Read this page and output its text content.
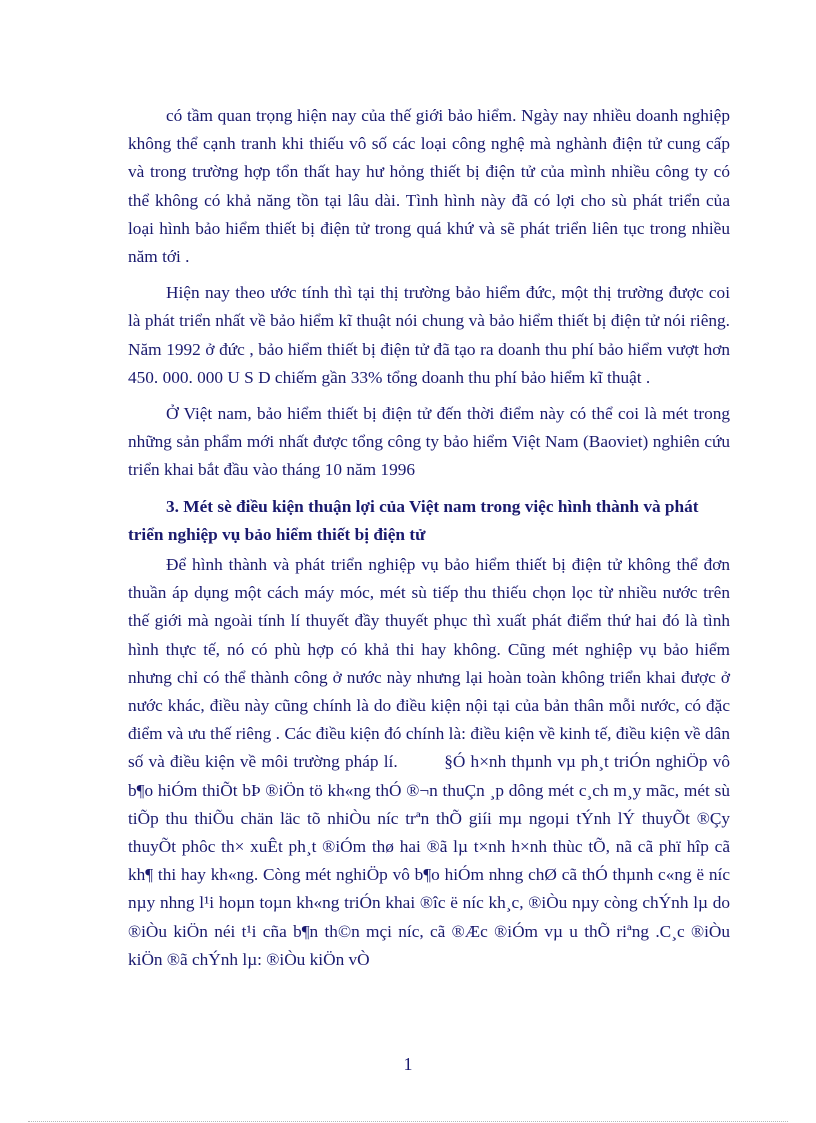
có tầm quan trọng hiện nay của thế giới bảo hiểm. Ngày nay nhiều doanh nghiệp không thể cạnh tranh khi thiếu vô số các loại công nghệ mà nghành điện tử cung cấp và trong trường hợp tổn thất hay hư hỏng thiết bị điện tử của mình nhiều công ty có thể không có khả năng tồn tại lâu dài. Tình hình này đã có lợi cho sù phát triển của loại hình bảo hiểm thiết bị điện tử trong quá khứ và sẽ phát triển liên tục trong nhiều năm tới .

Hiện nay theo ước tính thì tại thị trường bảo hiểm đức, một thị trường được coi là phát triển nhất về bảo hiểm kĩ thuật nói chung và bảo hiểm thiết bị điện tử nói riêng. Năm 1992 ở đức , bảo hiểm thiết bị điện tử đã tạo ra doanh thu phí bảo hiểm vượt hơn 450. 000. 000 U S D chiếm gần 33% tổng doanh thu phí bảo hiểm kĩ thuật .

Ở Việt nam, bảo hiểm thiết bị điện tử đến thời điểm này có thể coi là mét trong những sản phẩm mới nhất được tổng công ty bảo hiểm Việt Nam (Baoviet) nghiên cứu triển khai bắt đầu vào tháng 10 năm 1996

3. Mét sè điều kiện thuận lợi của Việt nam trong việc hình thành và phát triển nghiệp vụ bảo hiểm thiết bị điện tử

Để hình thành và phát triển nghiệp vụ bảo hiểm thiết bị điện tử không thể đơn thuần áp dụng một cách máy móc, mét sù tiếp thu thiếu chọn lọc từ nhiều nước trên thế giới mà ngoài tính lí thuyết đầy thuyết phục thì xuất phát điểm thứ hai đó là tình hình thực tế, nó có phù hợp có khả thi hay không. Cũng mét nghiệp vụ bảo hiểm nhưng chỉ có thể thành công ở nước này nhưng lại hoàn toàn không triển khai được ở nước khác, điều này cũng chính là do điều kiện nội tại của bản thân mỗi nước, có đặc điểm và ưu thế riêng . Các điều kiện đó chính là: điều kiện về kinh tế, điều kiện về dân số và điều kiện về môi trường pháp lí.	§Ó h×nh thµnh vµ ph¸t triÓn nghiÖp vô b¶o hiÓm thiÕt bÞ ®iÖn tö kh«ng thÓ ®¬n thuÇn ¸p dông mét c¸ch m¸y mãc, mét sù tiÕp thu thiÕu chän läc tõ nhiÒu níc trªn thÕ giíi mµ ngoµi tÝnh lÝ thuyÕt ®Çy thuyÕt phôc th× xuÊt ph¸t ®iÓm thø hai ®ã lµ t×nh h×nh thùc tÕ, nã cã phï hîp cã kh¶ thi hay kh«ng. Còng mét nghiÖp vô b¶o hiÓm nhng chØ cã thÓ thµnh c«ng ë níc nµy nhng l¹i hoµn toµn kh«ng triÓn khai ®îc ë níc kh¸c, ®iÒu nµy còng chÝnh lµ do ®iÒu kiÖn néi t¹i cña b¶n th©n mçi níc, cã ®Æc ®iÓm vµ u thÕ riªng .C¸c ®iÒu kiÖn ®ã chÝnh lµ: ®iÒu kiÖn vÒ

1
